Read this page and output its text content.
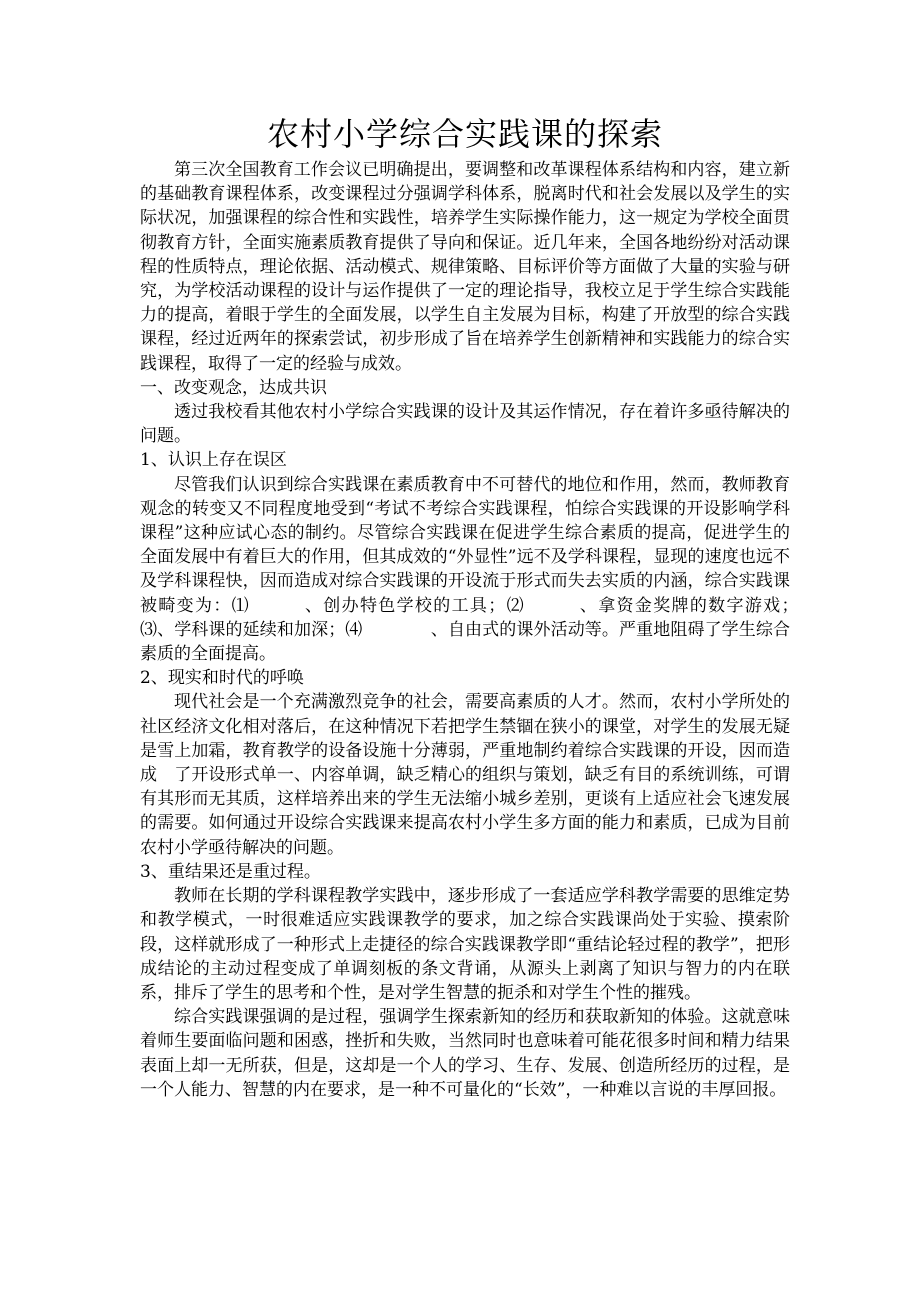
农村小学综合实践课的探索

第三次全国教育工作会议已明确提出，要调整和改革课程体系结构和内容，建立新的基础教育课程体系，改变课程过分强调学科体系，脱离时代和社会发展以及学生的实际状况，加强课程的综合性和实践性，培养学生实际操作能力，这一规定为学校全面贯彻教育方针，全面实施素质教育提供了导向和保证。近几年来，全国各地纷纷对活动课程的性质特点，理论依据、活动模式、规律策略、目标评价等方面做了大量的实验与研究，为学校活动课程的设计与运作提供了一定的理论指导，我校立足于学生综合实践能力的提高，着眼于学生的全面发展，以学生自主发展为目标，构建了开放型的综合实践课程，经过近两年的探索尝试，初步形成了旨在培养学生创新精神和实践能力的综合实践课程，取得了一定的经验与成效。

一、改变观念，达成共识

透过我校看其他农村小学综合实践课的设计及其运作情况，存在着许多亟待解决的问题。

1、认识上存在误区

尽管我们认识到综合实践课在素质教育中不可替代的地位和作用，然而，教师教育观念的转变又不同程度地受到“考试不考综合实践课程，怕综合实践课的开设影响学科课程”这种应试心态的制约。尽管综合实践课在促进学生综合素质的提高，促进学生的全面发展中有着巨大的作用，但其成效的“外显性”远不及学科课程，显现的速度也远不及学科课程快，因而造成对综合实践课的开设流于形式而失去实质的内涵，综合实践课被畸变为：⑴　　　、创办特色学校的工具；⑵　　　、拿资金奖牌的数字游戏；　⑶、学科课的延续和加深；⑷　　　　、自由式的课外活动等。严重地阻碍了学生综合素质的全面提高。

2、现实和时代的呼唤

现代社会是一个充满激烈竞争的社会，需要高素质的人才。然而，农村小学所处的社区经济文化相对落后，在这种情况下若把学生禁锢在狭小的课堂，对学生的发展无疑是雪上加霜，教育教学的设备设施十分薄弱，严重地制约着综合实践课的开设，因而造成　了开设形式单一、内容单调，缺乏精心的组织与策划，缺乏有目的系统训练，可谓有其形而无其质，这样培养出来的学生无法缩小城乡差别，更谈有上适应社会飞速发展的需要。如何通过开设综合实践课来提高农村小学生多方面的能力和素质，已成为目前农村小学亟待解决的问题。

3、重结果还是重过程。

教师在长期的学科课程教学实践中，逐步形成了一套适应学科教学需要的思维定势和教学模式，一时很难适应实践课教学的要求，加之综合实践课尚处于实验、摸索阶段，这样就形成了一种形式上走捷径的综合实践课教学即“重结论轻过程的教学”，把形成结论的主动过程变成了单调刻板的条文背诵，从源头上剥离了知识与智力的内在联系，排斥了学生的思考和个性，是对学生智慧的扼杀和对学生个性的摧残。

综合实践课强调的是过程，强调学生探索新知的经历和获取新知的体验。这就意味着师生要面临问题和困惑，挫折和失败，当然同时也意味着可能花很多时间和精力结果表面上却一无所获，但是，这却是一个人的学习、生存、发展、创造所经历的过程，是一个人能力、智慧的内在要求，是一种不可量化的“长效”，一种难以言说的丰厚回报。
